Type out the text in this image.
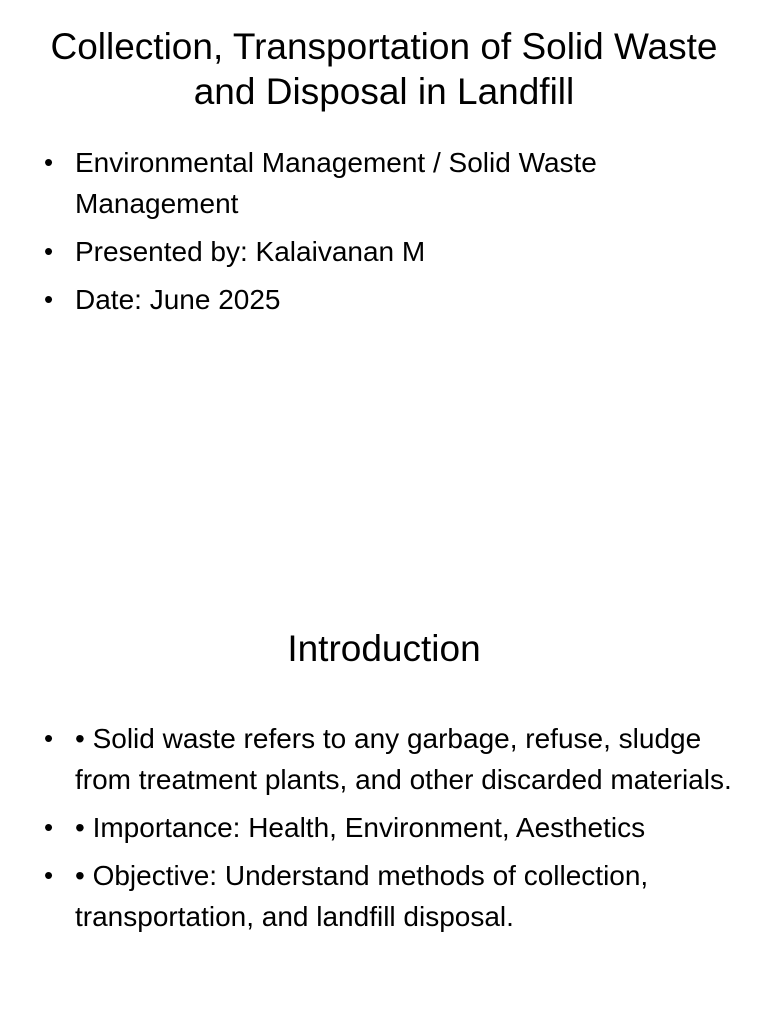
Collection, Transportation of Solid Waste and Disposal in Landfill
• Environmental Management / Solid Waste Management
• Presented by: Kalaivanan M
• Date: June 2025
Introduction
• • Solid waste refers to any garbage, refuse, sludge from treatment plants, and other discarded materials.
• • Importance: Health, Environment, Aesthetics
• • Objective: Understand methods of collection, transportation, and landfill disposal.
